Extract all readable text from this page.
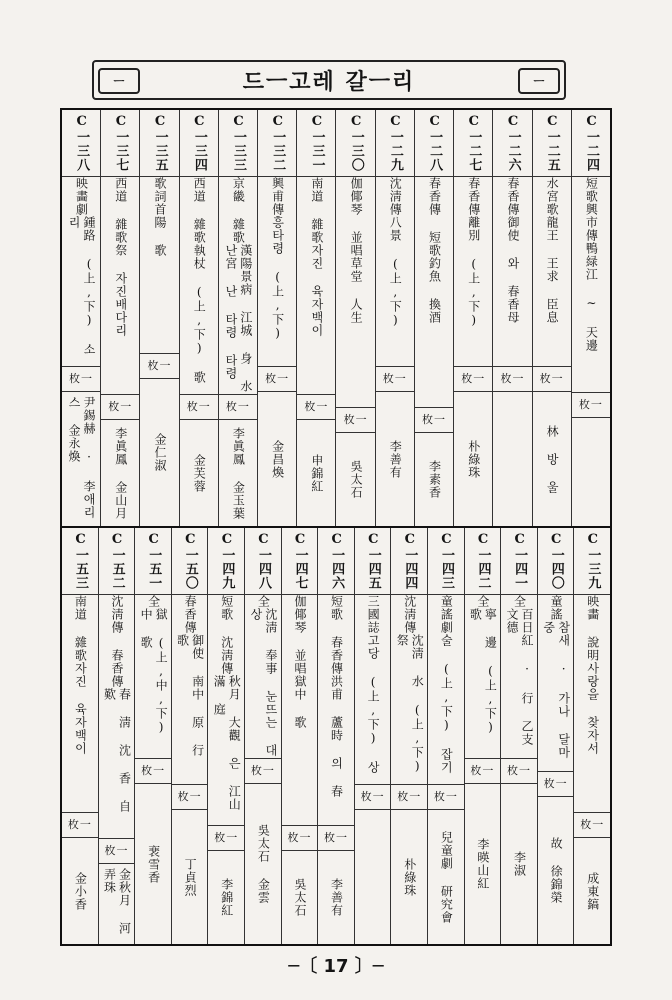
ㅡ	드ㅡ고레 갈ㅡ리	ㅡ
C一二四
短歌興市傳
鴨緑江 ∼ 天邊
枚一
C一二五
水宮歌
龍王 王求 臣息
枚一
林 방 울
C一二六
春香傳
御使 와 春香母
枚一
C一二七
春香傳
離別 (上,下)
枚一
朴綠珠
C一二八
春香傳 短歌
釣魚 換酒
枚一
李素香
C一二九
沈淸傳
八景 (上,下)
枚一
李善有
C一三〇
伽倻琴 並唱
草堂 人生
枚一
吳太石
C一三一
南道 雜歌
자진 육자백이
枚一
申錦紅
C一三二
興甫傳
흥타령 (上,下)
枚一
金昌煥
C一三三
京畿 雜歌
漢陽景病 江城 身 水난宮 난 타령 타령
枚一
李眞鳳 金玉葉
C一三四
西道 雜歌
執杖 (上,下) 歌
枚一
金芙蓉
C一三五
歌詞
首陽 歌
枚一
金仁淑
C一三七
西道 雜歌
祭 자진배다리
枚一
李眞鳳 金山月
C一三八
映畵劇
鍾路 (上,下) 소리
枚一
尹錫赫 · 李애리스 金永煥
C一三九
映畵 說明
사랑을 찾자서
枚一
成東鎬
C一四〇
童謠
참새 · 가나 달마중
枚一
故 徐錦榮
C一四一
全
百日紅 · 行 乙支文德
枚一
李淑
C一四二
全
寧 邊 (上,下) 歌
枚一
李暎山紅
C一四三
童謠劇
술 (上,下) 잡기
枚一
兒童劇 研究會
C一四四
沈淸傳
沈淸 水 (上,下) 祭
枚一
朴綠珠
C一四五
三國誌
고당 (上,下) 상
枚一
C一四六
短歌 春香傳
洪甫 蘆時 의 春
枚一
李善有
C一四七
伽倻琴 並唱
獄中 歌
枚一
吳太石
C一四八
全
沈淸 奉事 눈뜨는 대상
枚一
吳太石 金雲
C一四九
短歌 沈淸傳
秋月 大觀 은 江山 滿 庭
枚一
李錦紅
C一五〇
春香傳
御使 南中 原 行 歌
枚一
丁貞烈
C一五一
全
獄 (上,中,下) 中 歌
枚一
裵雪香
C一五二
沈淸傳 春香傳
春 淸 沈 香 自 歎
枚一
金秋月 河弄珠
C一五三
南道 雜歌
자진 육자백이
枚一
金小香
─〔 17 〕─
